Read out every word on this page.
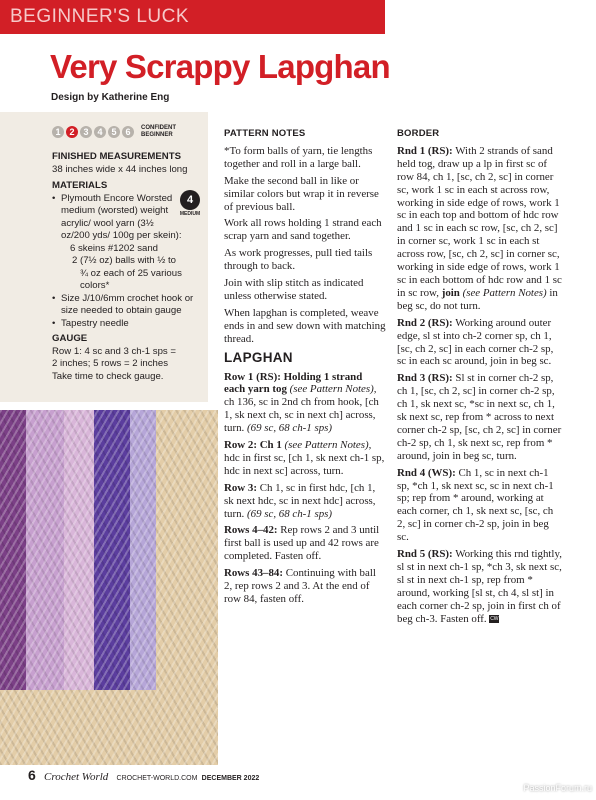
BEGINNER'S LUCK
Very Scrappy Lapghan
Design by Katherine Eng
1 2 3 4 5 6	CONFIDENT
BEGINNER
FINISHED MEASUREMENTS
38 inches wide x 44 inches long
MATERIALS
• Plymouth Encore Worsted medium (worsted) weight acrylic/ wool yarn (3½ oz/200 yds/ 100g per skein):
6 skeins #1202 sand
2 (7½ oz) balls with ½ to ¾ oz each of 25 various colors*
• Size J/10/6mm crochet hook or size needed to obtain gauge
• Tapestry needle
4
MEDIUM
GAUGE
Row 1: 4 sc and 3 ch-1 sps =
2 inches; 5 rows = 2 inches
Take time to check gauge.
PATTERN NOTES

*To form balls of yarn, tie lengths together and roll in a large ball.

Make the second ball in like or similar colors but wrap it in reverse of previous ball.

Work all rows holding 1 strand each scrap yarn and sand together.

As work progresses, pull tied tails through to back.

Join with slip stitch as indicated unless otherwise stated.

When lapghan is completed, weave ends in and sew down with matching thread.

LAPGHAN

Row 1 (RS): Holding 1 strand each yarn tog (see Pattern Notes), ch 136, sc in 2nd ch from hook, [ch 1, sk next ch, sc in next ch] across, turn. (69 sc, 68 ch-1 sps)

Row 2: Ch 1 (see Pattern Notes), hdc in first sc, [ch 1, sk next ch-1 sp, hdc in next sc] across, turn.

Row 3: Ch 1, sc in first hdc, [ch 1, sk next hdc, sc in next hdc] across, turn. (69 sc, 68 ch-1 sps)

Rows 4–42: Rep rows 2 and 3 until first ball is used up and 42 rows are completed. Fasten off.

Rows 43–84: Continuing with ball 2, rep rows 2 and 3. At the end of row 84, fasten off.

BORDER

Rnd 1 (RS): With 2 strands of sand held tog, draw up a lp in first sc of row 84, ch 1, [sc, ch 2, sc] in corner sc, work 1 sc in each st across row, working in side edge of rows, work 1 sc in each top and bottom of hdc row and 1 sc in each sc row, [sc, ch 2, sc] in corner sc, work 1 sc in each st across row, [sc, ch 2, sc] in corner sc, working in side edge of rows, work 1 sc in each bottom of hdc row and 1 sc in sc row, join (see Pattern Notes) in beg sc, do not turn.

Rnd 2 (RS): Working around outer edge, sl st into ch-2 corner sp, ch 1, [sc, ch 2, sc] in each corner ch-2 sp, sc in each sc around, join in beg sc.

Rnd 3 (RS): Sl st in corner ch-2 sp, ch 1, [sc, ch 2, sc] in corner ch-2 sp, ch 1, sk next sc, *sc in next sc, ch 1, sk next sc, rep from * across to next corner ch-2 sp, [sc, ch 2, sc] in corner ch-2 sp, ch 1, sk next sc, rep from * around, join in beg sc, turn.

Rnd 4 (WS): Ch 1, sc in next ch-1 sp, *ch 1, sk next sc, sc in next ch-1 sp; rep from * around, working at each corner, ch 1, sk next sc, [sc, ch 2, sc] in corner ch-2 sp, join in beg sc.

Rnd 5 (RS): Working this rnd tightly, sl st in next ch-1 sp, *ch 3, sk next sc, sl st in next ch-1 sp, rep from * around, working [sl st, ch 4, sl st] in each corner ch-2 sp, join in first ch of beg ch-3. Fasten off. CW

6 Crochet World CROCHET-WORLD.COM DECEMBER 2022
PassionForum.ru
